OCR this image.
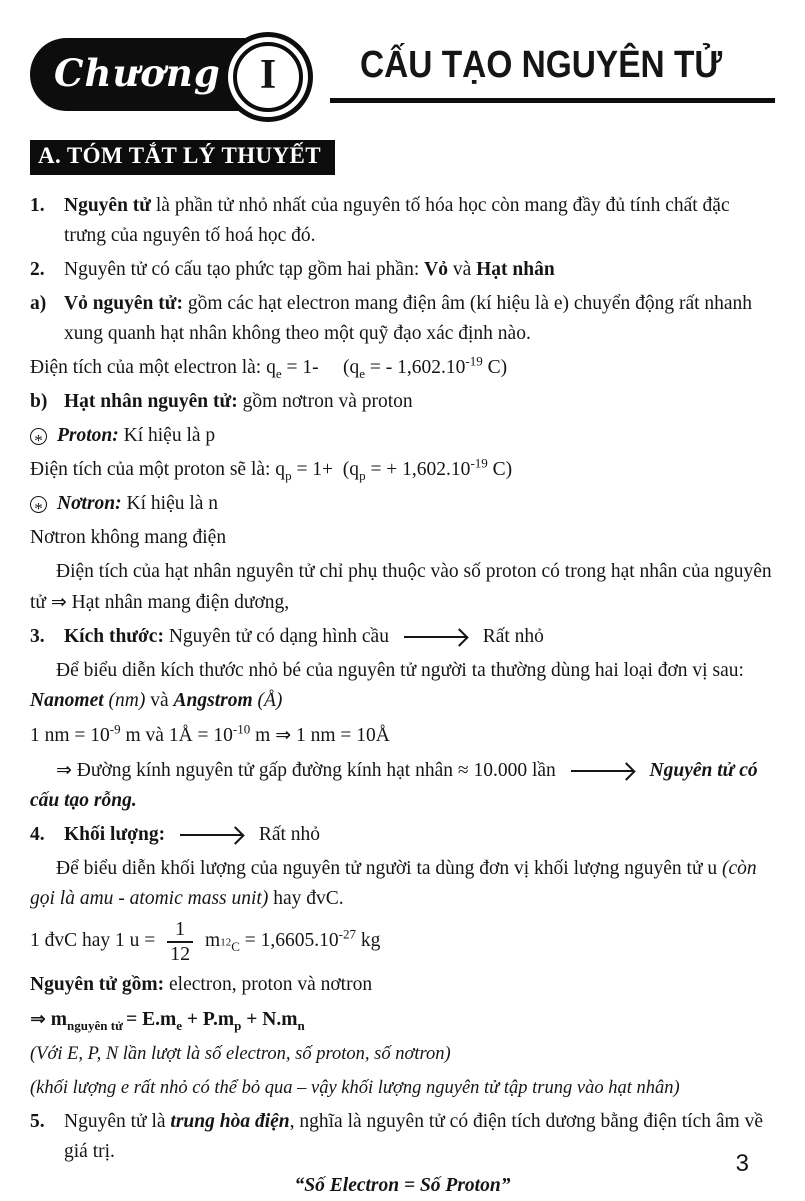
Chương I CẤU TẠO NGUYÊN TỬ
A. TÓM TẮT LÝ THUYẾT
1. Nguyên tử là phần tử nhỏ nhất của nguyên tố hóa học còn mang đầy đủ tính chất đặc trưng của nguyên tố hoá học đó.
2. Nguyên tử có cấu tạo phức tạp gồm hai phần: Vỏ và Hạt nhân
a) Vỏ nguyên tử: gồm các hạt electron mang điện âm (kí hiệu là e) chuyển động rất nhanh xung quanh hạt nhân không theo một quỹ đạo xác định nào.
Điện tích của một electron là: $q_e = 1-$     ($q_e$ = - $1,602.10^{-19}$ C)
b) Hạt nhân nguyên tử: gồm nơtron và proton
* Proton: Kí hiệu là p
Điện tích của một proton sẽ là: $q_p = 1+ (q_p$ = + $1,602.10^{-19}$ C)
* Nơtron: Kí hiệu là n
Nơtron không mang điện
Điện tích của hạt nhân nguyên tử chỉ phụ thuộc vào số proton có trong hạt nhân của nguyên tử ⇒ Hạt nhân mang điện dương,
3. Kích thước: Nguyên tử có dạng hình cầu	Rất nhỏ
Để biểu diễn kích thước nhỏ bé của nguyên tử người ta thường dùng hai loại đơn vị sau: Nanomet (nm) và Angstrom (Å)
1 nm = $10^{-9}$ m và 1Å = $10^{-10}$ m ⇒ 1 nm = 10Å
⇒ Đường kính nguyên tử gấp đường kính hạt nhân ≈ 10.000 lần	Nguyên tử có cấu tạo rỗng.
4. Khối lượng:	Rất nhỏ
Để biểu diễn khối lượng của nguyên tử người ta dùng đơn vị khối lượng nguyên tử u (còn gọi là amu - atomic mass unit) hay đvC.
1 đvC hay 1 $u = \frac{1}{12} m_{^{12}C} = 1,6605.10^{-27}$ kg
Nguyên tử gồm: electron, proton và nơtron
⇒ $m_{nguyên tử} = E.m_e + P.m_p + N.m_n$
(Với E, P, N lần lượt là số electron, số proton, số nơtron)
(khối lượng e rất nhỏ có thể bỏ qua – vậy khối lượng nguyên tử tập trung vào hạt nhân)
5. Nguyên tử là trung hòa điện, nghĩa là nguyên tử có điện tích dương bằng điện tích âm về giá trị.
“Số Electron = Số Proton”
3
